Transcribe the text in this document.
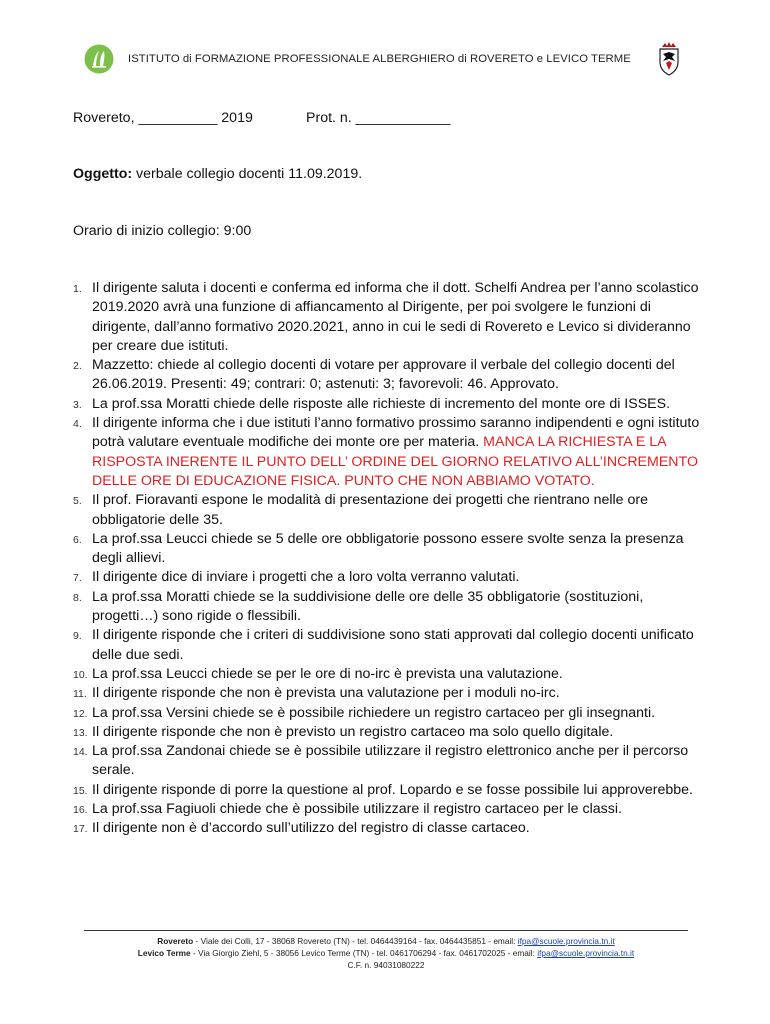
ISTITUTO di FORMAZIONE PROFESSIONALE ALBERGHIERO di ROVERETO e LEVICO TERME
Rovereto, __________ 2019	Prot. n. ____________
Oggetto: verbale collegio docenti 11.09.2019.
Orario di inizio collegio: 9:00
1. Il dirigente saluta i docenti e conferma ed informa che il dott. Schelfi Andrea per l’anno scolastico 2019.2020 avrà una funzione di affiancamento al Dirigente, per poi svolgere le funzioni di dirigente, dall’anno formativo 2020.2021, anno in cui le sedi di Rovereto e Levico si divideranno per creare due istituti.
2. Mazzetto: chiede al collegio docenti di votare per approvare il verbale del collegio docenti del 26.06.2019. Presenti: 49; contrari: 0; astenuti: 3; favorevoli: 46. Approvato.
3. La prof.ssa Moratti chiede delle risposte alle richieste di incremento del monte ore di ISSES.
4. Il dirigente informa che i due istituti l’anno formativo prossimo saranno indipendenti e ogni istituto potrà valutare eventuale modifiche dei monte ore per materia. MANCA LA RICHIESTA E LA RISPOSTA INERENTE IL PUNTO DELL’ ORDINE DEL GIORNO RELATIVO ALL’INCREMENTO DELLE ORE DI EDUCAZIONE FISICA. PUNTO CHE NON ABBIAMO VOTATO.
5. Il prof. Fioravanti espone le modalità di presentazione dei progetti che rientrano nelle ore obbligatorie delle 35.
6. La prof.ssa Leucci chiede se 5 delle ore obbligatorie possono essere svolte senza la presenza degli allievi.
7. Il dirigente dice di inviare i progetti che a loro volta verranno valutati.
8. La prof.ssa Moratti chiede se la suddivisione delle ore delle 35 obbligatorie (sostituzioni, progetti…) sono rigide o flessibili.
9. Il dirigente risponde che i criteri di suddivisione sono stati approvati dal collegio docenti unificato delle due sedi.
10. La prof.ssa Leucci chiede se per le ore di no-irc è prevista una valutazione.
11. Il dirigente risponde che non è prevista una valutazione per i moduli no-irc.
12. La prof.ssa Versini chiede se è possibile richiedere un registro cartaceo per gli insegnanti.
13. Il dirigente risponde che non è previsto un registro cartaceo ma solo quello digitale.
14. La prof.ssa Zandonai chiede se è possibile utilizzare il registro elettronico anche per il percorso serale.
15. Il dirigente risponde di porre la questione al prof. Lopardo e se fosse possibile lui approverebbe.
16. La prof.ssa Fagiuoli chiede che è possibile utilizzare il registro cartaceo per le classi.
17. Il dirigente non è d’accordo sull’utilizzo del registro di classe cartaceo.
Rovereto - Viale dei Colli, 17 - 38068 Rovereto (TN) - tel. 0464439164 - fax. 0464435851 - email: ifpa@scuole.provincia.tn.it
Levico Terme - Via Giorgio Ziehl, 5 - 38056 Levico Terme (TN) - tel. 0461706294 - fax. 0461702025 - email: ifpa@scuole.provincia.tn.it
C.F. n. 94031080222
